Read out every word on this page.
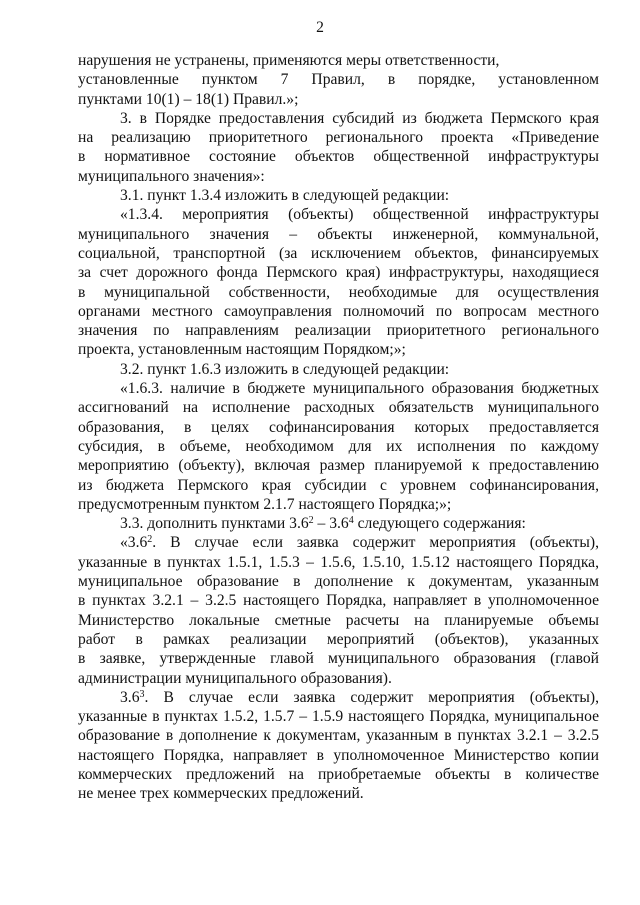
2
нарушения не устранены, применяются меры ответственности,
установленные пунктом 7 Правил, в порядке, установленном
пунктами 10(1) – 18(1) Правил.»;
3. в Порядке предоставления субсидий из бюджета Пермского края
на реализацию приоритетного регионального проекта «Приведение
в нормативное состояние объектов общественной инфраструктуры
муниципального значения»:
3.1. пункт 1.3.4 изложить в следующей редакции:
«1.3.4. мероприятия (объекты) общественной инфраструктуры
муниципального значения – объекты инженерной, коммунальной,
социальной, транспортной (за исключением объектов, финансируемых
за счет дорожного фонда Пермского края) инфраструктуры, находящиеся
в муниципальной собственности, необходимые для осуществления
органами местного самоуправления полномочий по вопросам местного
значения по направлениям реализации приоритетного регионального
проекта, установленным настоящим Порядком;»;
3.2. пункт 1.6.3 изложить в следующей редакции:
«1.6.3. наличие в бюджете муниципального образования бюджетных
ассигнований на исполнение расходных обязательств муниципального
образования, в целях софинансирования которых предоставляется
субсидия, в объеме, необходимом для их исполнения по каждому
мероприятию (объекту), включая размер планируемой к предоставлению
из бюджета Пермского края субсидии с уровнем софинансирования,
предусмотренным пунктом 2.1.7 настоящего Порядка;»;
3.3. дополнить пунктами $3.6^2 - 3.6^4$ следующего содержания:
«$3.6^2$. В случае если заявка содержит мероприятия (объекты),
указанные в пунктах 1.5.1, 1.5.3 – 1.5.6, 1.5.10, 1.5.12 настоящего Порядка,
муниципальное образование в дополнение к документам, указанным
в пунктах 3.2.1 – 3.2.5 настоящего Порядка, направляет в уполномоченное
Министерство локальные сметные расчеты на планируемые объемы
работ в рамках реализации мероприятий (объектов), указанных
в заявке, утвержденные главой муниципального образования (главой
администрации муниципального образования).
$3.6^3$. В случае если заявка содержит мероприятия (объекты),
указанные в пунктах 1.5.2, 1.5.7 – 1.5.9 настоящего Порядка, муниципальное
образование в дополнение к документам, указанным в пунктах 3.2.1 – 3.2.5
настоящего Порядка, направляет в уполномоченное Министерство копии
коммерческих предложений на приобретаемые объекты в количестве
не менее трех коммерческих предложений.
